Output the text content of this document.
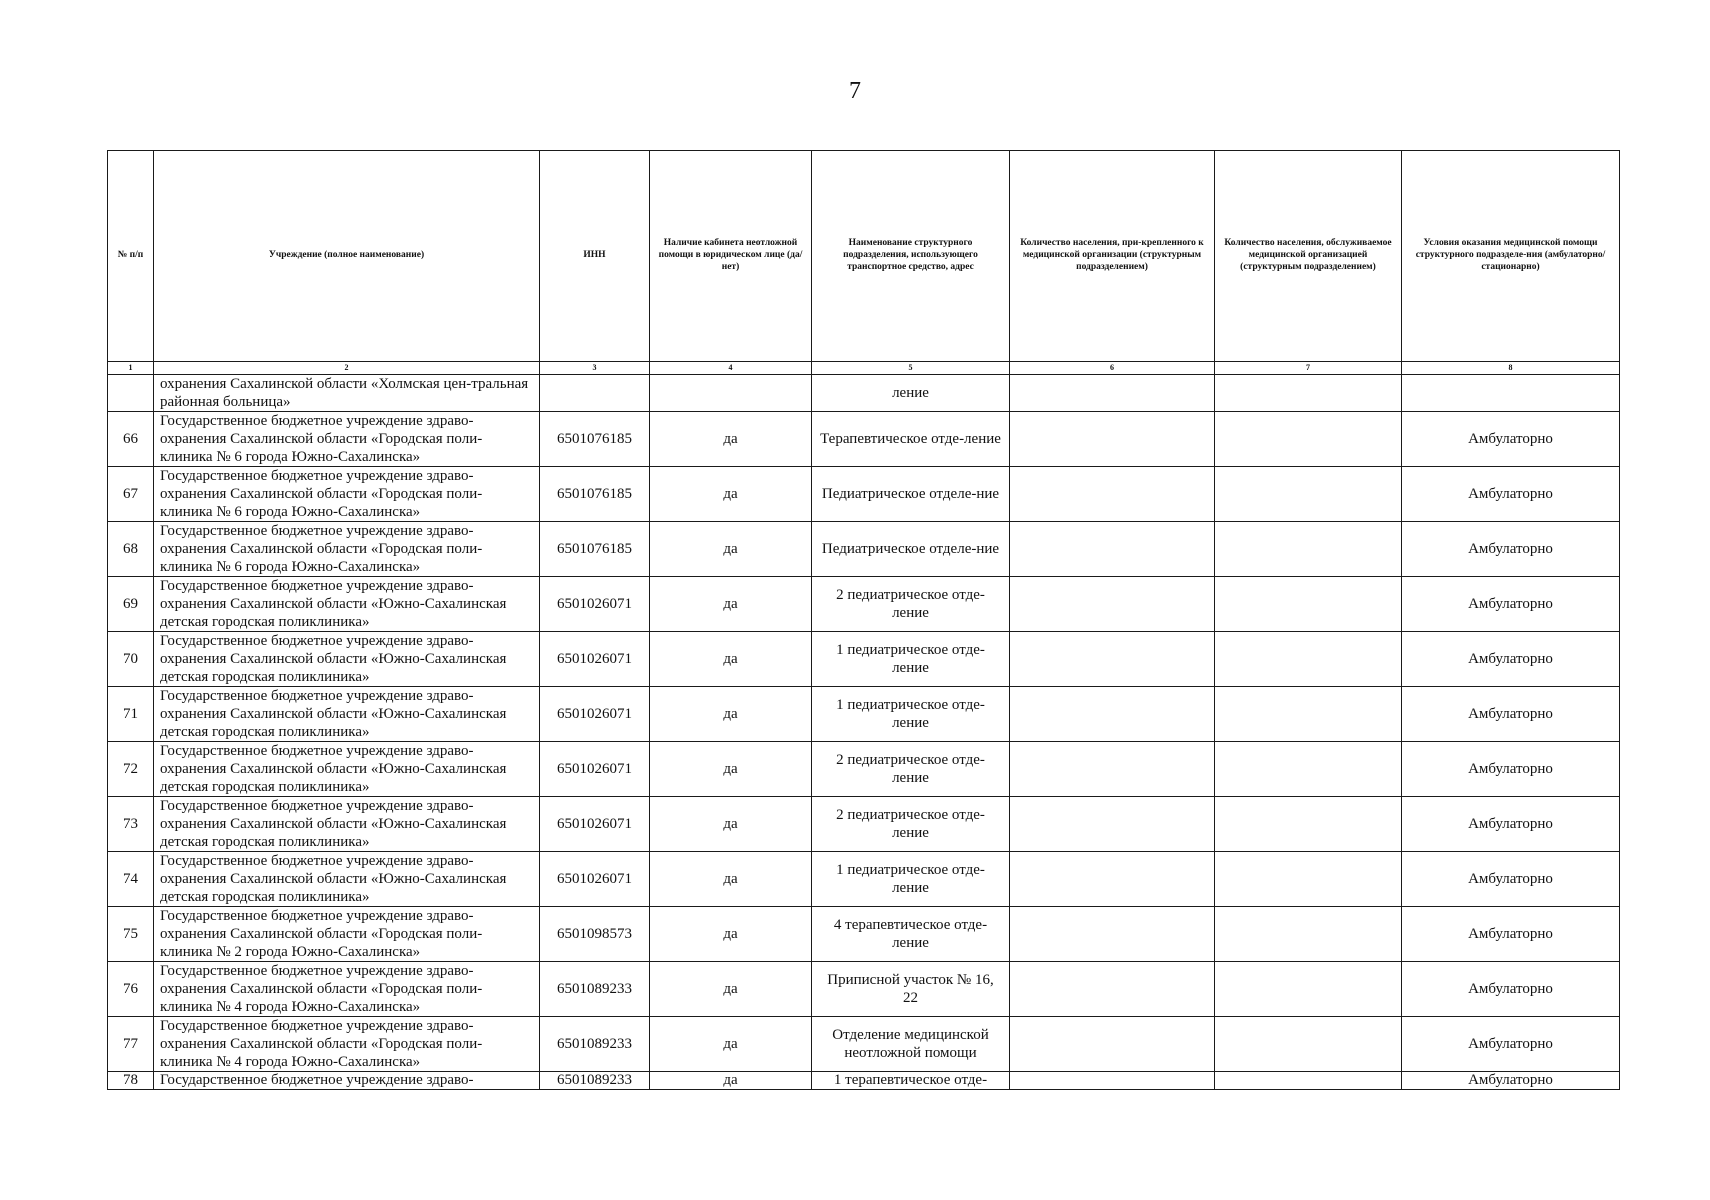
7
№ п/п	Учреждение (полное наименование)	ИНН	Наличие кабинета неотложной помощи в юридическом лице (да/нет)	Наименование структурного подразделения, использующего транспортное средство, адрес	Количество населения, при-крепленного к медицинской организации (структурным подразделением)	Количество населения, обслуживаемое медицинской организацией (структурным подразделением)	Условия оказания медицинской помощи структурного подразделе-ния (амбулаторно/ стационарно)
1	2	3	4	5	6	7	8
	охранения Сахалинской области «Холмская цен-тральная районная больница»			ление			
66	Государственное бюджетное учреждение здраво-охранения Сахалинской области «Городская поли-клиника № 6 города Южно-Сахалинска»	6501076185	да	Терапевтическое отде-ление			Амбулаторно
67	Государственное бюджетное учреждение здраво-охранения Сахалинской области «Городская поли-клиника № 6 города Южно-Сахалинска»	6501076185	да	Педиатрическое отделе-ние			Амбулаторно
68	Государственное бюджетное учреждение здраво-охранения Сахалинской области «Городская поли-клиника № 6 города Южно-Сахалинска»	6501076185	да	Педиатрическое отделе-ние			Амбулаторно
69	Государственное бюджетное учреждение здраво-охранения Сахалинской области «Южно-Сахалинская детская городская поликлиника»	6501026071	да	2 педиатрическое отде-ление			Амбулаторно
70	Государственное бюджетное учреждение здраво-охранения Сахалинской области «Южно-Сахалинская детская городская поликлиника»	6501026071	да	1 педиатрическое отде-ление			Амбулаторно
71	Государственное бюджетное учреждение здраво-охранения Сахалинской области «Южно-Сахалинская детская городская поликлиника»	6501026071	да	1 педиатрическое отде-ление			Амбулаторно
72	Государственное бюджетное учреждение здраво-охранения Сахалинской области «Южно-Сахалинская детская городская поликлиника»	6501026071	да	2 педиатрическое отде-ление			Амбулаторно
73	Государственное бюджетное учреждение здраво-охранения Сахалинской области «Южно-Сахалинская детская городская поликлиника»	6501026071	да	2 педиатрическое отде-ление			Амбулаторно
74	Государственное бюджетное учреждение здраво-охранения Сахалинской области «Южно-Сахалинская детская городская поликлиника»	6501026071	да	1 педиатрическое отде-ление			Амбулаторно
75	Государственное бюджетное учреждение здраво-охранения Сахалинской области «Городская поли-клиника № 2 города Южно-Сахалинска»	6501098573	да	4 терапевтическое отде-ление			Амбулаторно
76	Государственное бюджетное учреждение здраво-охранения Сахалинской области «Городская поли-клиника № 4 города Южно-Сахалинска»	6501089233	да	Приписной участок № 16, 22			Амбулаторно
77	Государственное бюджетное учреждение здраво-охранения Сахалинской области «Городская поли-клиника № 4 города Южно-Сахалинска»	6501089233	да	Отделение медицинской неотложной помощи			Амбулаторно
78	Государственное бюджетное учреждение здраво-	6501089233	да	1 терапевтическое отде-			Амбулаторно
